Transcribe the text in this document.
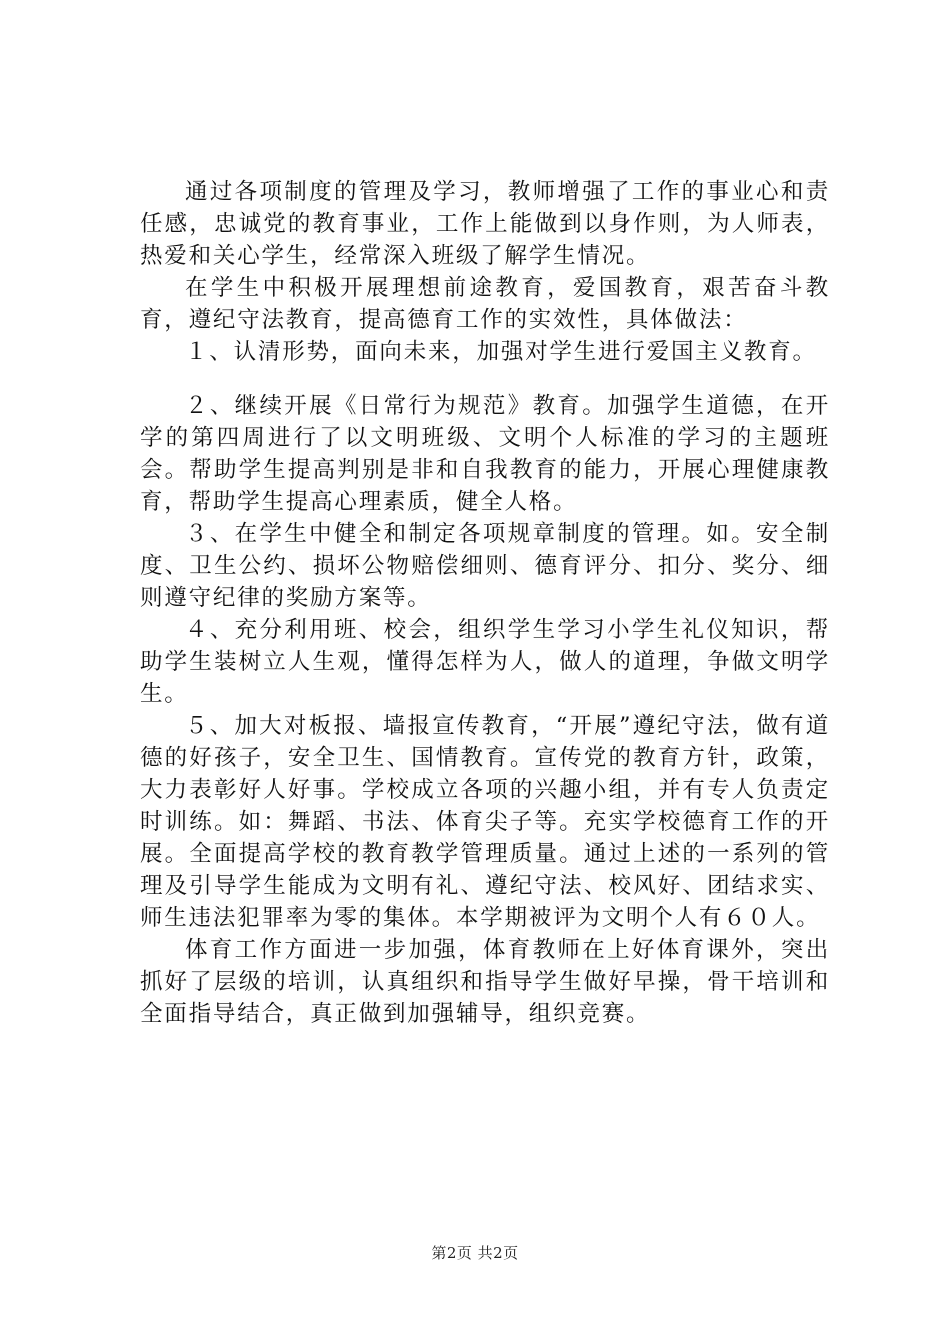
通过各项制度的管理及学习，教师增强了工作的事业心和责任感，忠诚党的教育事业，工作上能做到以身作则，为人师表，热爱和关心学生，经常深入班级了解学生情况。

在学生中积极开展理想前途教育，爱国教育，艰苦奋斗教育，遵纪守法教育，提高德育工作的实效性，具体做法：

１、认清形势，面向未来，加强对学生进行爱国主义教育。

２、继续开展《日常行为规范》教育。加强学生道德，在开学的第四周进行了以文明班级、文明个人标准的学习的主题班会。帮助学生提高判别是非和自我教育的能力，开展心理健康教育，帮助学生提高心理素质，健全人格。

３、在学生中健全和制定各项规章制度的管理。如。安全制度、卫生公约、损坏公物赔偿细则、德育评分、扣分、奖分、细则遵守纪律的奖励方案等。

４、充分利用班、校会，组织学生学习小学生礼仪知识，帮助学生装树立人生观，懂得怎样为人，做人的道理，争做文明学生。

５、加大对板报、墙报宣传教育，“开展”遵纪守法，做有道德的好孩子，安全卫生、国情教育。宣传党的教育方针，政策，大力表彰好人好事。学校成立各项的兴趣小组，并有专人负责定时训练。如：舞蹈、书法、体育尖子等。充实学校德育工作的开展。全面提高学校的教育教学管理质量。通过上述的一系列的管理及引导学生能成为文明有礼、遵纪守法、校风好、团结求实、师生违法犯罪率为零的集体。本学期被评为文明个人有６０人。

体育工作方面进一步加强，体育教师在上好体育课外，突出抓好了层级的培训，认真组织和指导学生做好早操，骨干培训和全面指导结合，真正做到加强辅导，组织竞赛。

第2页 共2页
